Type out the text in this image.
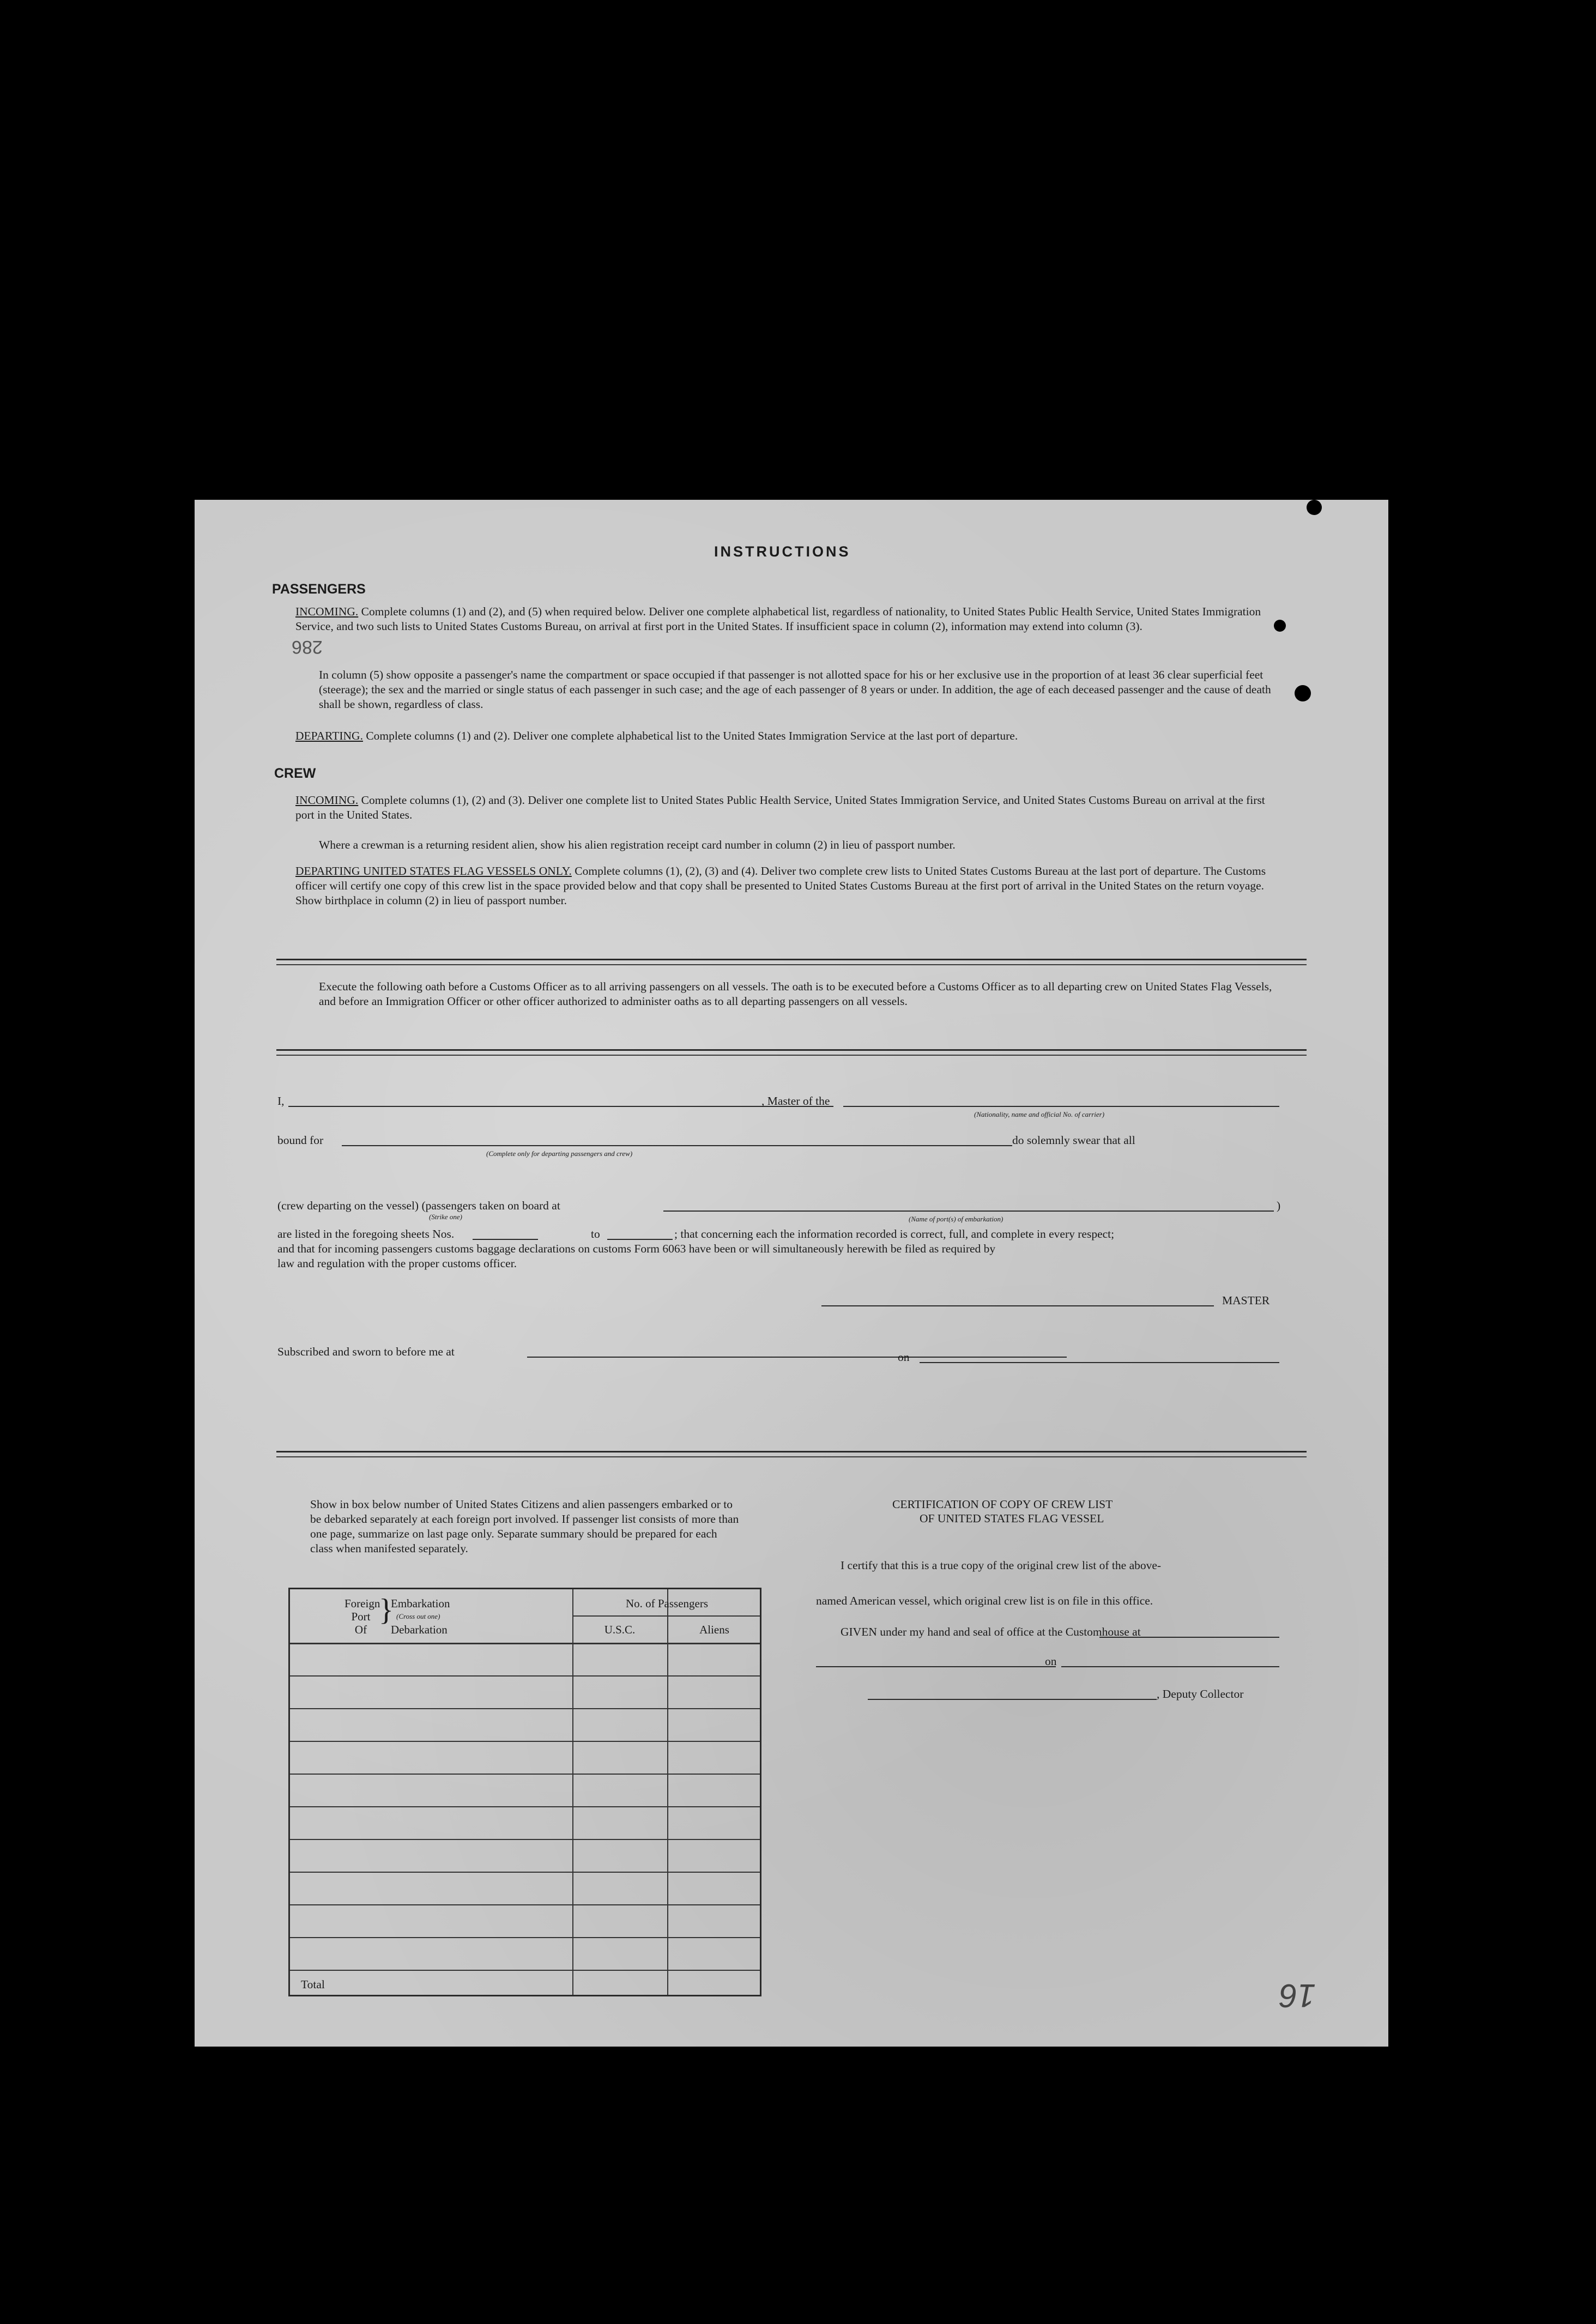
INSTRUCTIONS
PASSENGERS
INCOMING. Complete columns (1) and (2), and (5) when required below. Deliver one complete alphabetical list, regardless of nationality, to United States Public Health Service, United States Immigration Service, and two such lists to United States Customs Bureau, on arrival at first port in the United States. If insufficient space in column (2), information may extend into column (3).
In column (5) show opposite a passenger's name the compartment or space occupied if that passenger is not allotted space for his or her exclusive use in the proportion of at least 36 clear superficial feet (steerage); the sex and the married or single status of each passenger in such case; and the age of each passenger of 8 years or under. In addition, the age of each deceased passenger and the cause of death shall be shown, regardless of class.
DEPARTING. Complete columns (1) and (2). Deliver one complete alphabetical list to the United States Immigration Service at the last port of departure.
CREW
INCOMING. Complete columns (1), (2) and (3). Deliver one complete list to United States Public Health Service, United States Immigration Service, and United States Customs Bureau on arrival at the first port in the United States.
Where a crewman is a returning resident alien, show his alien registration receipt card number in column (2) in lieu of passport number.
DEPARTING UNITED STATES FLAG VESSELS ONLY. Complete columns (1), (2), (3) and (4). Deliver two complete crew lists to United States Customs Bureau at the last port of departure. The Customs officer will certify one copy of this crew list in the space provided below and that copy shall be presented to United States Customs Bureau at the first port of arrival in the United States on the return voyage. Show birthplace in column (2) in lieu of passport number.
Execute the following oath before a Customs Officer as to all arriving passengers on all vessels. The oath is to be executed before a Customs Officer as to all departing crew on United States Flag Vessels, and before an Immigration Officer or other officer authorized to administer oaths as to all departing passengers on all vessels.
I,	, Master of the
(Nationality, name and official No. of carrier)
bound for
(Complete only for departing passengers and crew)
do solemnly swear that all
(crew departing on the vessel) (passengers taken on board at
(Strike one)	(Name of port(s) of embarkation)
)
are listed in the foregoing sheets Nos.	to	; that concerning each the information recorded is correct, full, and complete in every respect;
and that for incoming passengers customs baggage declarations on customs Form 6063 have been or will simultaneously herewith be filed as required by
law and regulation with the proper customs officer.
MASTER
Subscribed and sworn to before me at	on
Show in box below number of United States Citizens and alien passengers embarked or to be debarked separately at each foreign port involved. If passenger list consists of more than one page, summarize on last page only. Separate summary should be prepared for each class when manifested separately.
Foreign
Port
Of
}
Embarkation
(Cross out one)
Debarkation
No. of Passengers
U.S.C.	Aliens
Total
CERTIFICATION OF COPY OF CREW LIST
OF UNITED STATES FLAG VESSEL
I certify that this is a true copy of the original crew list of the above-
named American vessel, which original crew list is on file in this office.
GIVEN under my hand and seal of office at the Customhouse at
on
, Deputy Collector
286
16
